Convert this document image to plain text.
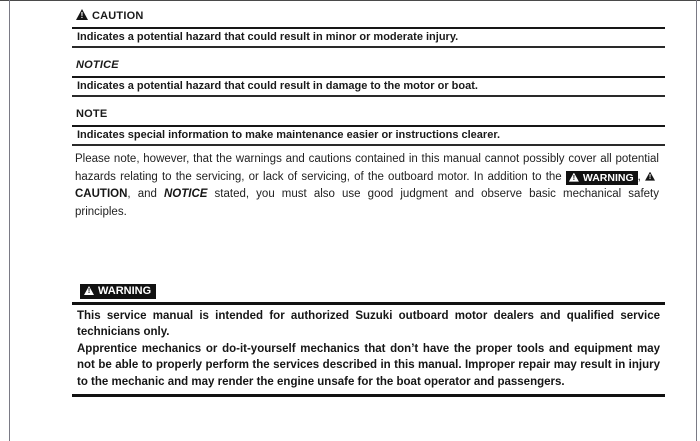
!CAUTION
Indicates a potential hazard that could result in minor or moderate injury.
NOTICE
Indicates a potential hazard that could result in damage to the motor or boat.
NOTE
Indicates special information to make maintenance easier or instructions clearer.

Please note, however, that the warnings and cautions contained in this manual cannot possibly cover all potential hazards relating to the servicing, or lack of servicing, of the outboard motor. In addition to the !WARNING , !CAUTION, and NOTICE stated, you must also use good judgment and observe basic mechanical safety principles.

!WARNING

This service manual is intended for authorized Suzuki outboard motor dealers and qualified service technicians only.

Apprentice mechanics or do-it-yourself mechanics that don’t have the proper tools and equipment may not be able to properly perform the services described in this manual. Improper repair may result in injury to the mechanic and may render the engine unsafe for the boat operator and passengers.
